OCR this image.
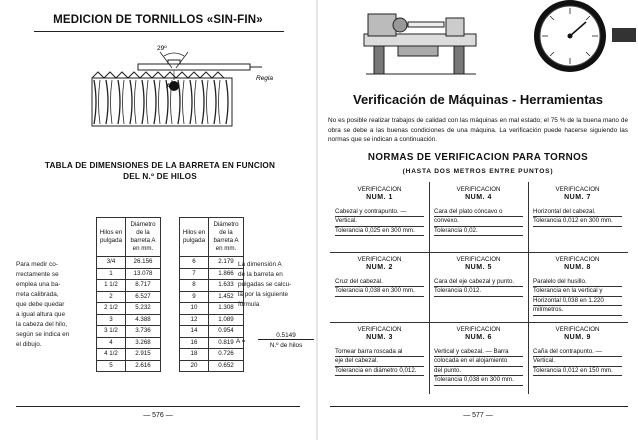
MEDICION DE TORNILLOS «SIN-FIN»
29º
Regla
A
TABLA DE DIMENSIONES DE LA BARRETA EN FUNCION
DEL N.º DE HILOS
Hilos en pulgada	Diámetro de la barreta A en mm.		Hilos en pulgada	Diámetro de la barreta A en mm.
3/4	26.156		6	2.179
1	13.078		7	1.866
1 1/2	8.717		8	1.633
2	6.527		9	1.452
2 1/2	5.232		10	1.308
3	4.388		12	1.089
3 1/2	3.736		14	0.954
4	3.268		16	0.819
4 1/2	2.915		18	0.726
5	2.616		20	0.652
Para medir co-
rrectamente se
emplea una ba-
rreta calibrada,
que debe quedar
a igual altura que
la cabeza del hilo,
según se indica en
el dibujo.
La dimensión A
de la barreta en
pulgadas se calcu-
la por la siguiente
fórmula
A =
0.5149
N.º de hilos
— 576 —
Verificación de Máquinas - Herramientas
No es posible realizar trabajos de calidad con las máquinas en mal estado; el 75 % de la buena mano de obra se debe a las buenas condiciones de una máquina. La verificación puede hacerse siguiendo las normas que se indican a continuación.
NORMAS DE VERIFICACION PARA TORNOS
(HASTA DOS METROS ENTRE PUNTOS)
VERIFICACION
NUM. 1
Cabezal y contrapunto. —
Vertical.
Tolerancia 0,025 en 300 mm.
VERIFICACION
NUM. 4
Cara del plato cóncavo o
convexo.
Tolerancia 0,02.
VERIFICACION
NUM. 7
Horizontal del cabezal.
Tolerancia 0,012 en 300 mm.
VERIFICACION
NUM. 2
Cruz del cabezal.
Tolerancia 0,038 en 300 mm.
VERIFICACION
NUM. 5
Cara del eje cabezal y punto.
Tolerancia 0,012.
VERIFICACION
NUM. 8
Paralelo del husillo.
Tolerancia en la vertical y
Horizontal 0,038 en 1.220
milímetros.
VERIFICACION
NUM. 3
Tornear barra roscada al
eje del cabezal.
Tolerancia en diámetro 0,012.
VERIFICACION
NUM. 6
Vertical y cabezal. — Barra
colocada en el alojamiento
del punto.
Tolerancia 0,038 en 300 mm.
VERIFICACION
NUM. 9
Caña del contrapunto. —
Vertical.
Tolerancia 0,012 en 150 mm.
— 577 —
